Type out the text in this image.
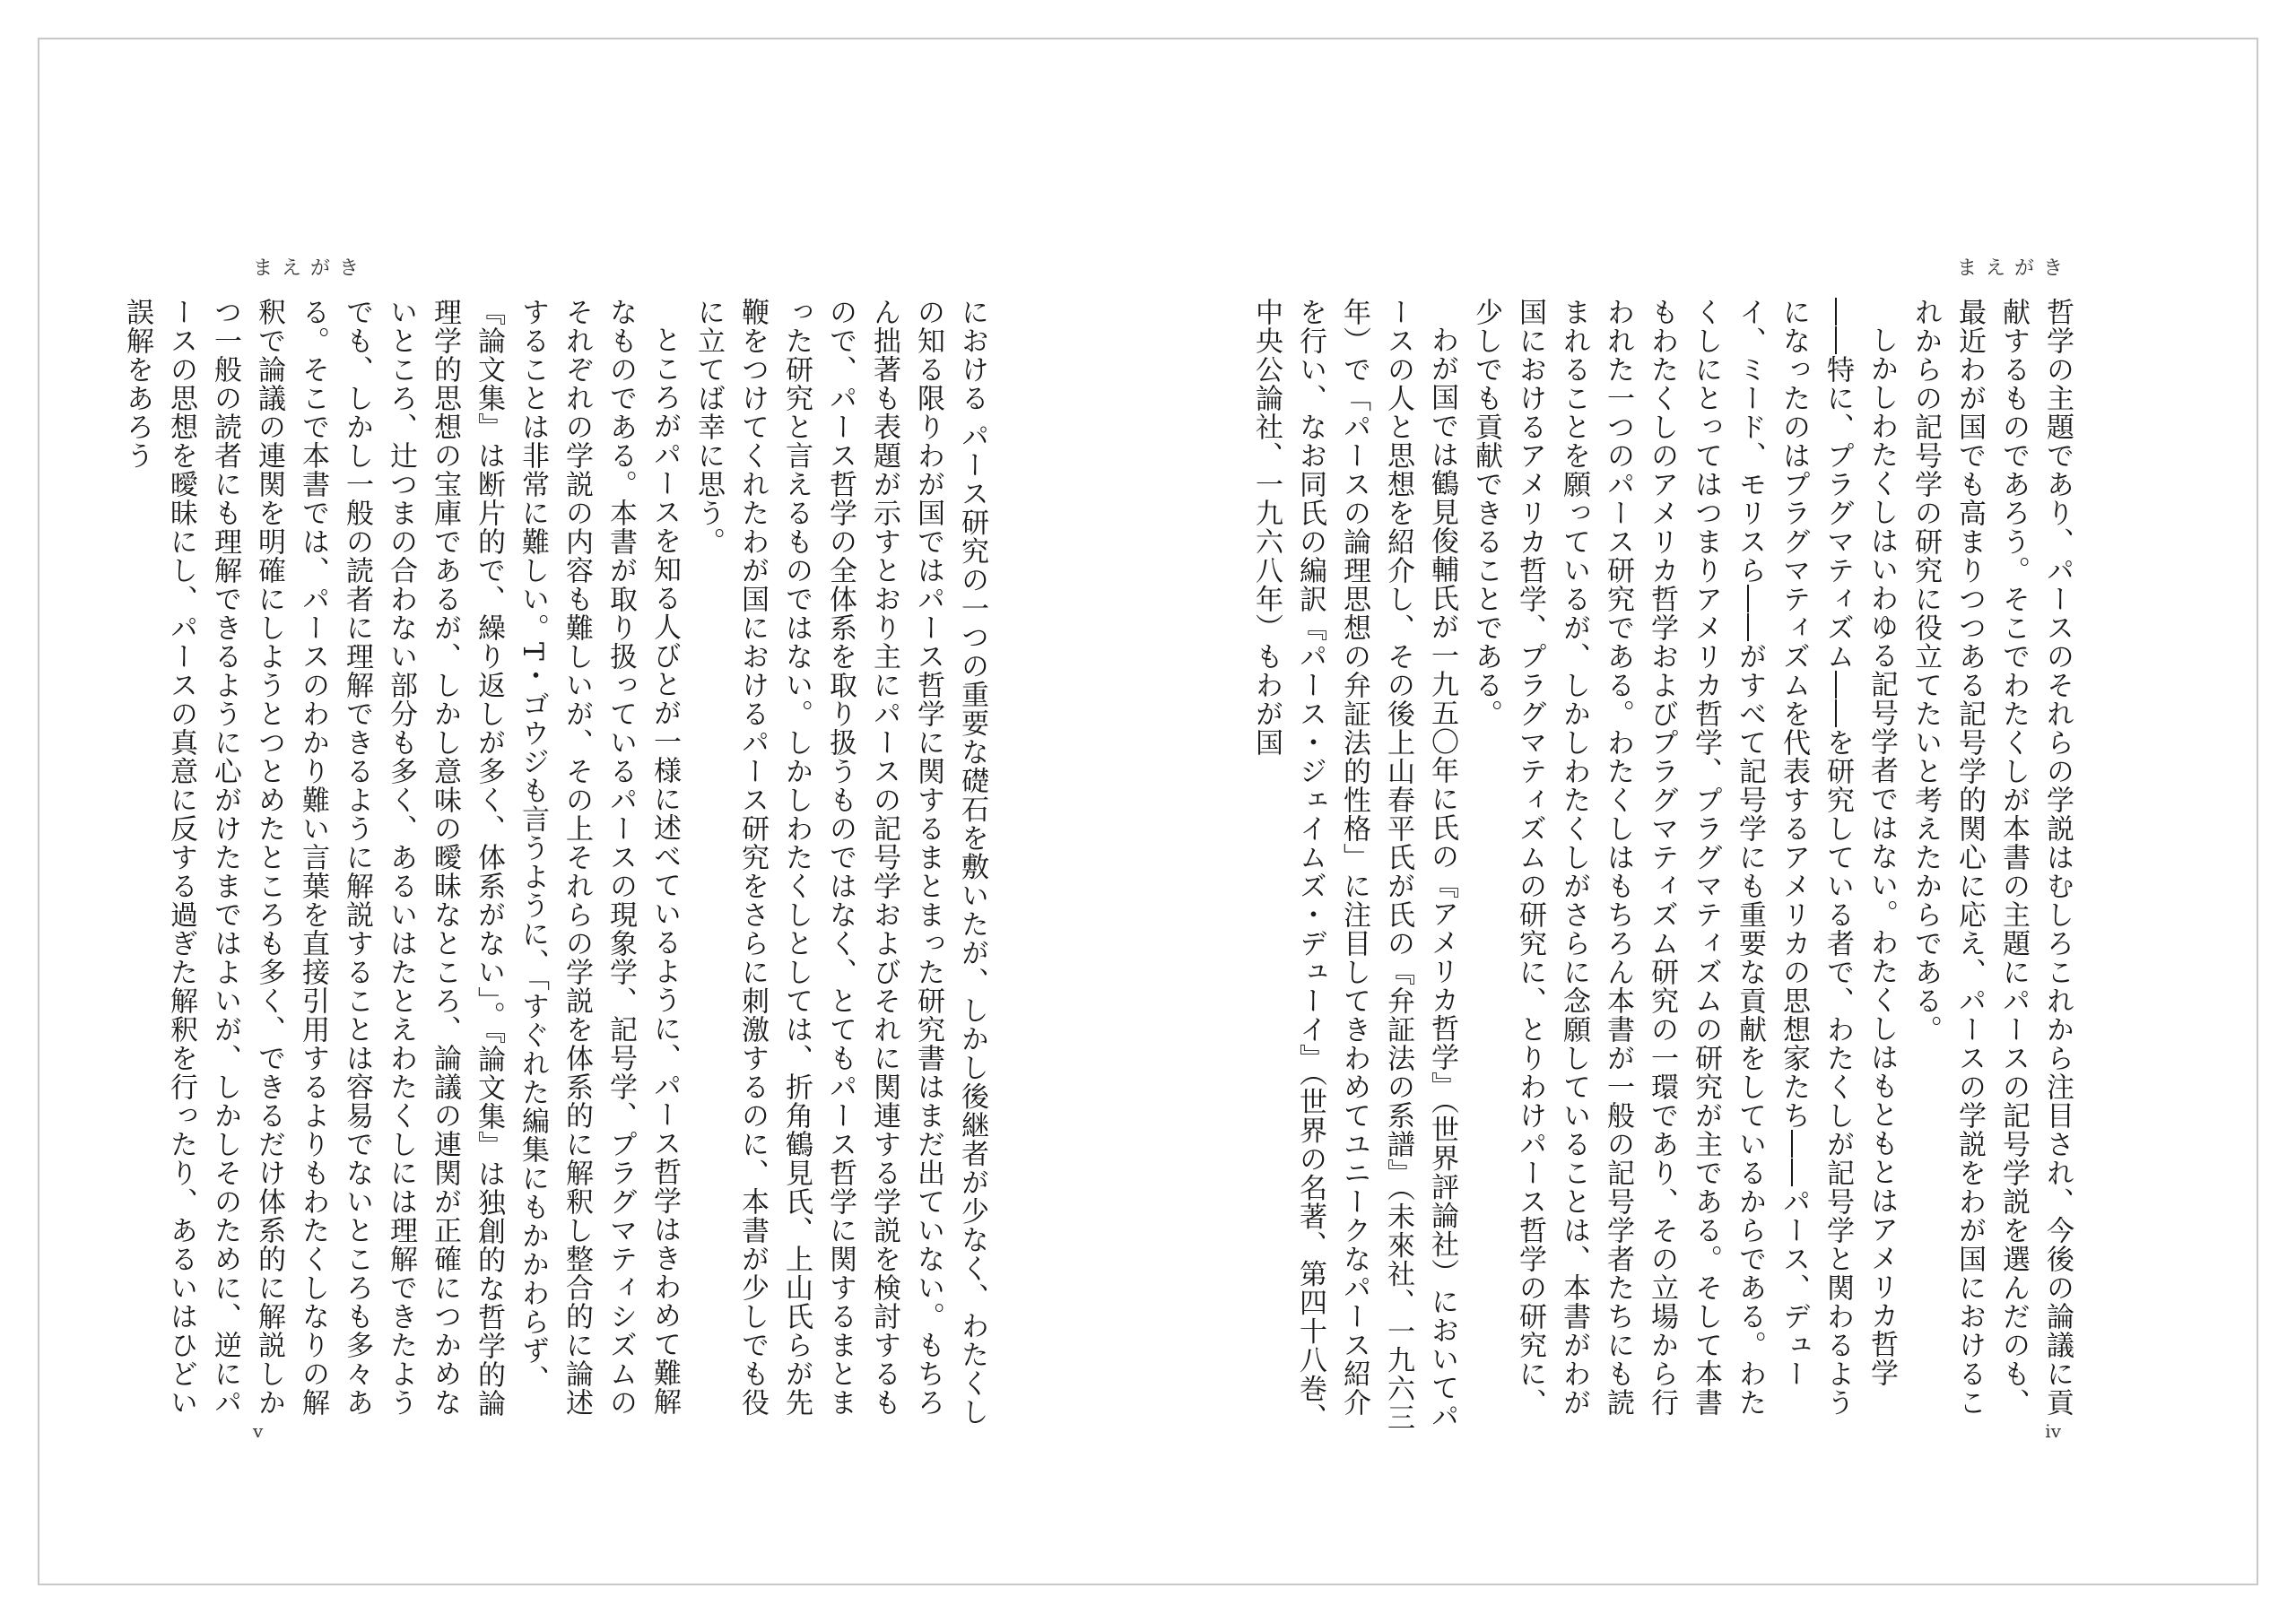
まえがき

における パース研究の一つの重要な礎石を敷いたが、しかし後継者が少なく、わたくしの知る限りわが国ではパース哲学に関するまとまった研究書はまだ出ていない。もちろん拙著も表題が示すとおり主にパースの記号学およびそれに関連する学説を検討するもので、パース哲学の全体系を取り扱うものではなく、とてもパース哲学に関するまとまった研究と言えるものではない。しかしわたくしとしては、折角鶴見氏、上山氏らが先鞭をつけてくれたわが国におけるパース研究をさらに刺激するのに、本書が少しでも役に立てば幸に思う。

ところがパースを知る人びとが一様に述べているように、パース哲学はきわめて難解なものである。本書が取り扱っているパースの現象学、記号学、プラグマティシズムのそれぞれの学説の内容も難しいが、その上それらの学説を体系的に解釈し整合的に論述することは非常に難しい。T・ゴウジも言うように、「すぐれた編集にもかかわらず、『論文集』は断片的で、繰り返しが多く、体系がない」。『論文集』は独創的な哲学的論理学的思想の宝庫であるが、しかし意味の曖昧なところ、論議の連関が正確につかめないところ、辻つまの合わない部分も多く、あるいはたとえわたくしには理解できたようでも、しかし一般の読者に理解できるように解説することは容易でないところも多々ある。そこで本書では、パースのわかり難い言葉を直接引用するよりもわたくしなりの解釈で論議の連関を明確にしようとつとめたところも多く、できるだけ体系的に解説しかつ一般の読者にも理解できるように心がけたまではよいが、しかしそのために、逆にパースの思想を曖昧にし、パースの真意に反する過ぎた解釈を行ったり、あるいはひどい誤解をあろう

v
まえがき

哲学の主題であり、パースのそれらの学説はむしろこれから注目され、今後の論議に貢献するものであろう。そこでわたくしが本書の主題にパースの記号学説を選んだのも、最近わが国でも高まりつつある記号学的関心に応え、パースの学説をわが国におけるこれからの記号学の研究に役立てたいと考えたからである。

しかしわたくしはいわゆる記号学者ではない。わたくしはもともとはアメリカ哲学――特に、プラグマティズム――を研究している者で、わたくしが記号学と関わるようになったのはプラグマティズムを代表するアメリカの思想家たち――パース、デューイ、ミード、モリスら――がすべて記号学にも重要な貢献をしているからである。わたくしにとってはつまりアメリカ哲学、プラグマティズムの研究が主である。そして本書もわたくしのアメリカ哲学およびプラグマティズム研究の一環であり、その立場から行われた一つのパース研究である。わたくしはもちろん本書が一般の記号学者たちにも読まれることを願っているが、しかしわたくしがさらに念願していることは、本書がわが国におけるアメリカ哲学、プラグマティズムの研究に、とりわけパース哲学の研究に、少しでも貢献できることである。

わが国では鶴見俊輔氏が一九五〇年に氏の『アメリカ哲学』（世界評論社）においてパースの人と思想を紹介し、その後上山春平氏が氏の『弁証法の系譜』（未來社、一九六三年）で「パースの論理思想の弁証法的性格」に注目してきわめてユニークなパース紹介を行い、なお同氏の編訳『パース・ジェイムズ・デューイ』（世界の名著、第四十八巻、中央公論社、一九六八年）もわが国

iv
